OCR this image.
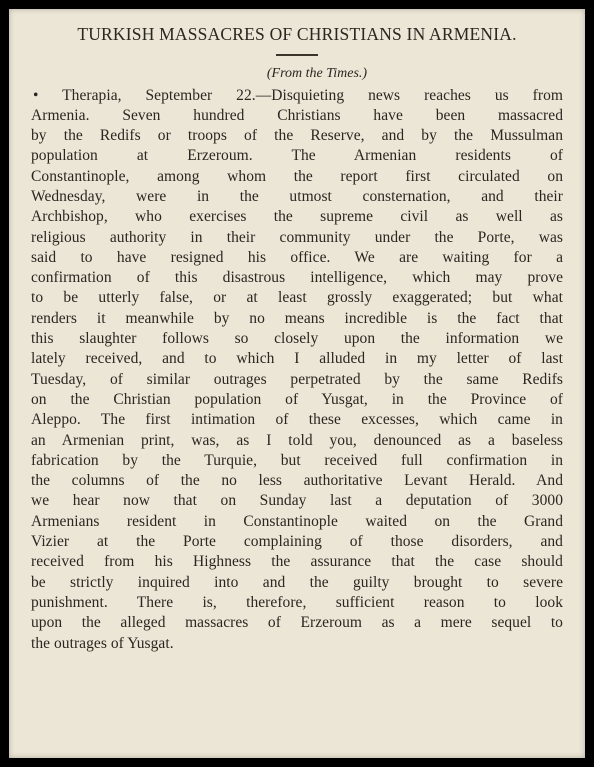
TURKISH MASSACRES OF CHRISTIANS IN ARMENIA.

(From the Times.)

• Therapia, September 22.—Disquieting news reaches us from
Armenia. Seven hundred Christians have been massacred
by the Redifs or troops of the Reserve, and by the Mussulman
population at Erzeroum. The Armenian residents of
Constantinople, among whom the report first circulated on
Wednesday, were in the utmost consternation, and their
Archbishop, who exercises the supreme civil as well as
religious authority in their community under the Porte, was
said to have resigned his office. We are waiting for a
confirmation of this disastrous intelligence, which may prove
to be utterly false, or at least grossly exaggerated; but what
renders it meanwhile by no means incredible is the fact that
this slaughter follows so closely upon the information we
lately received, and to which I alluded in my letter of last
Tuesday, of similar outrages perpetrated by the same Redifs
on the Christian population of Yusgat, in the Province of
Aleppo. The first intimation of these excesses, which came in
an Armenian print, was, as I told you, denounced as a baseless
fabrication by the Turquie, but received full confirmation in
the columns of the no less authoritative Levant Herald. And
we hear now that on Sunday last a deputation of 3000
Armenians resident in Constantinople waited on the Grand
Vizier at the Porte complaining of those disorders, and
received from his Highness the assurance that the case should
be strictly inquired into and the guilty brought to severe
punishment. There is, therefore, sufficient reason to look
upon the alleged massacres of Erzeroum as a mere sequel to
the outrages of Yusgat.
